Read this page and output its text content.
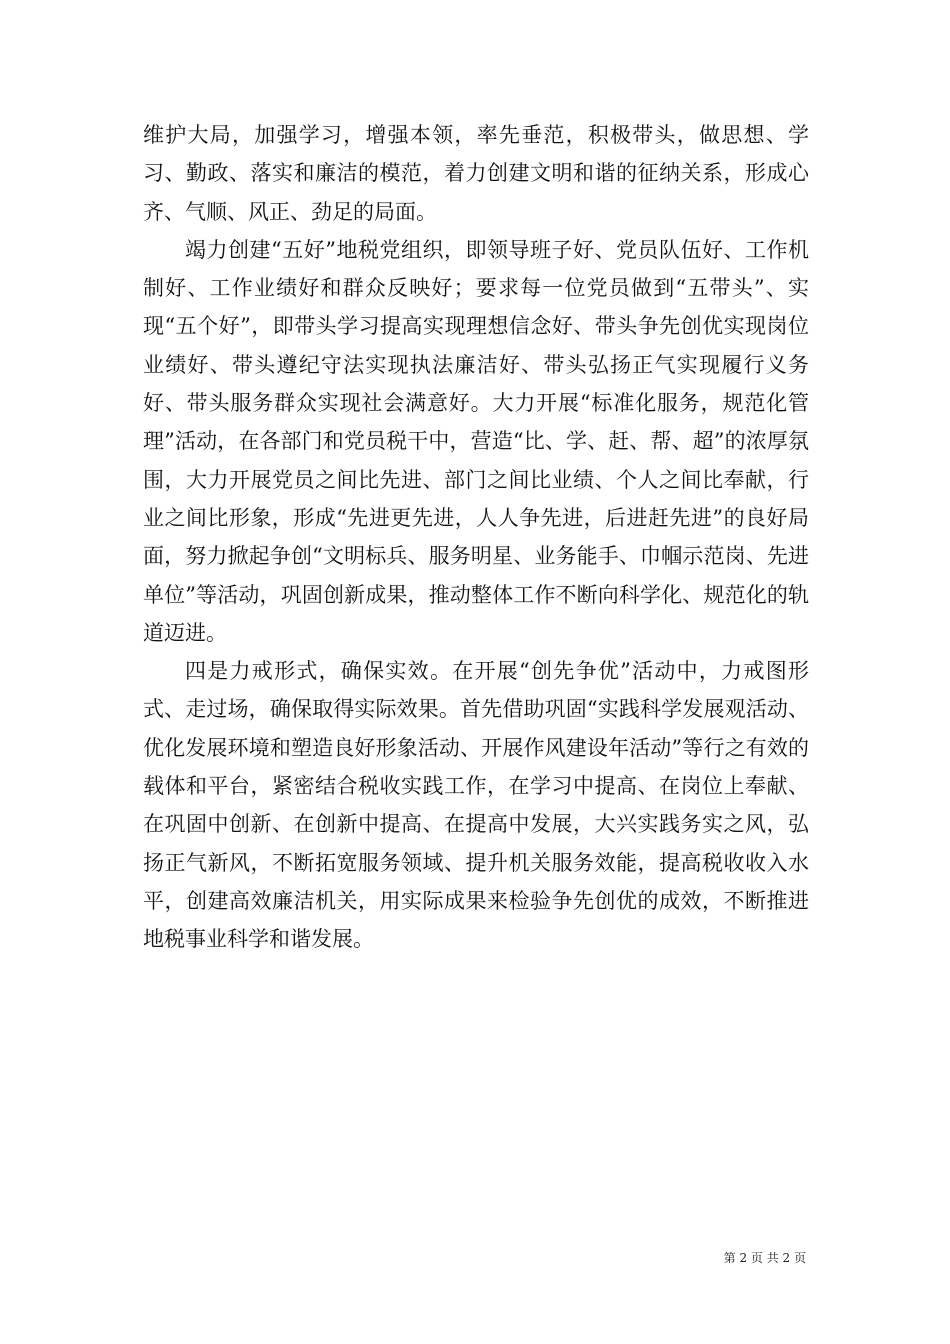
维护大局，加强学习，增强本领，率先垂范，积极带头，做思想、学习、勤政、落实和廉洁的模范，着力创建文明和谐的征纳关系，形成心齐、气顺、风正、劲足的局面。

竭力创建“五好”地税党组织，即领导班子好、党员队伍好、工作机制好、工作业绩好和群众反映好；要求每一位党员做到“五带头”、实现“五个好”，即带头学习提高实现理想信念好、带头争先创优实现岗位业绩好、带头遵纪守法实现执法廉洁好、带头弘扬正气实现履行义务好、带头服务群众实现社会满意好。大力开展“标准化服务，规范化管理”活动，在各部门和党员税干中，营造“比、学、赶、帮、超”的浓厚氛围，大力开展党员之间比先进、部门之间比业绩、个人之间比奉献，行业之间比形象，形成“先进更先进，人人争先进，后进赶先进”的良好局面，努力掀起争创“文明标兵、服务明星、业务能手、巾帼示范岗、先进单位”等活动，巩固创新成果，推动整体工作不断向科学化、规范化的轨道迈进。

四是力戒形式，确保实效。在开展“创先争优”活动中，力戒图形式、走过场，确保取得实际效果。首先借助巩固“实践科学发展观活动、优化发展环境和塑造良好形象活动、开展作风建设年活动”等行之有效的载体和平台，紧密结合税收实践工作，在学习中提高、在岗位上奉献、在巩固中创新、在创新中提高、在提高中发展，大兴实践务实之风，弘扬正气新风，不断拓宽服务领域、提升机关服务效能，提高税收收入水平，创建高效廉洁机关，用实际成果来检验争先创优的成效，不断推进地税事业科学和谐发展。

第 2 页 共 2 页
